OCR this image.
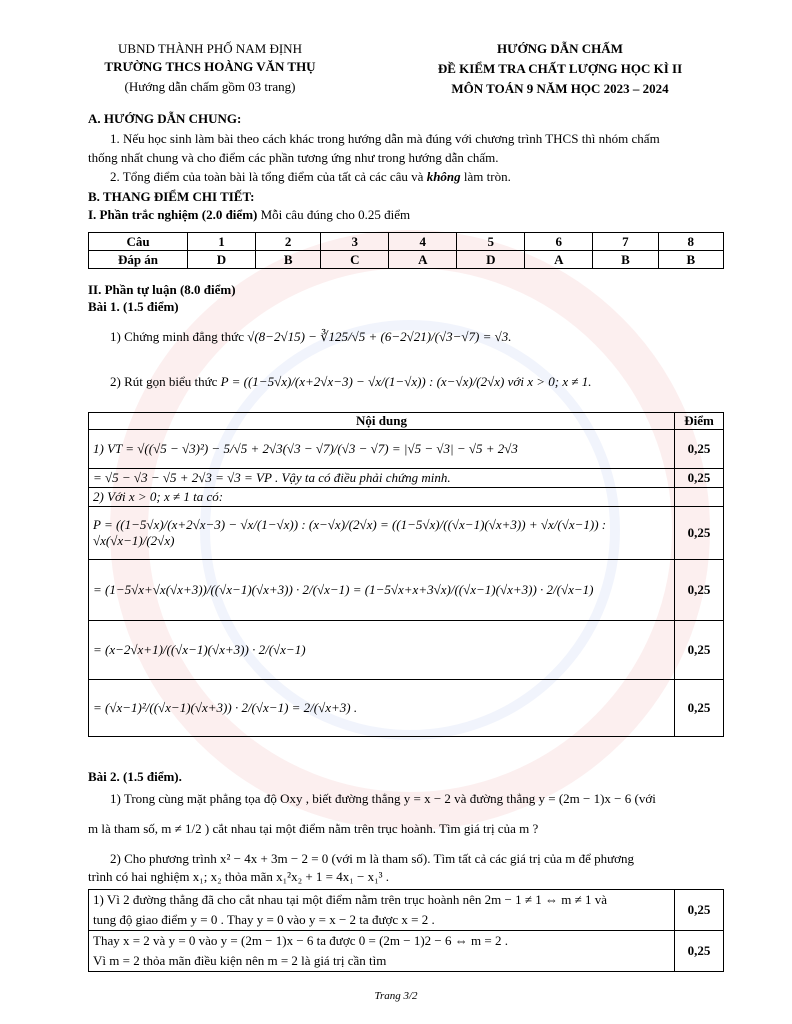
UBND THÀNH PHỐ NAM ĐỊNH
TRƯỜNG THCS HOÀNG VĂN THỤ
(Hướng dẫn chấm gồm 03 trang)
HƯỚNG DẪN CHẤM
ĐỀ KIỂM TRA CHẤT LƯỢNG HỌC KÌ II
MÔN TOÁN 9 NĂM HỌC 2023 – 2024
A. HƯỚNG DẪN CHUNG:
1. Nếu học sinh làm bài theo cách khác trong hướng dẫn mà đúng với chương trình THCS thì nhóm chấm
thống nhất chung và cho điểm các phần tương ứng như trong hướng dẫn chấm.
2. Tổng điểm của toàn bài là tổng điểm của tất cả các câu và không làm tròn.
B. THANG ĐIỂM CHI TIẾT:
I. Phần trắc nghiệm (2.0 điểm) Mỗi câu đúng cho 0.25 điểm
Câu	1	2	3	4	5	6	7	8
Đáp án	D	B	C	A	D	A	B	B
II. Phần tự luận (8.0 điểm)
Bài 1. (1.5 điểm)
1) Chứng minh đẳng thức √(8−2√15) − ∛125/√5 + (6−2√21)/(√3−√7) = √3.
2) Rút gọn biểu thức P = ((1−5√x)/(x+2√x−3) − √x/(1−√x)) : (x−√x)/(2√x) với x > 0; x ≠ 1.
Nội dung	Điểm
1) VT = √((√5 − √3)²) − 5/√5 + 2√3(√3 − √7)/(√3 − √7) = |√5 − √3| − √5 + 2√3	0,25
= √5 − √3 − √5 + 2√3 = √3 = VP . Vậy ta có điều phải chứng minh.	0,25
2) Với x > 0; x ≠ 1 ta có:	
P = ((1−5√x)/(x+2√x−3) − √x/(1−√x)) : (x−√x)/(2√x) = ((1−5√x)/((√x−1)(√x+3)) + √x/(√x−1)) : √x(√x−1)/(2√x)	0,25
= (1−5√x+√x(√x+3))/((√x−1)(√x+3)) · 2/(√x−1) = (1−5√x+x+3√x)/((√x−1)(√x+3)) · 2/(√x−1)	0,25
= (x−2√x+1)/((√x−1)(√x+3)) · 2/(√x−1)	0,25
= (√x−1)²/((√x−1)(√x+3)) · 2/(√x−1) = 2/(√x+3) .	0,25
Bài 2. (1.5 điểm).
1) Trong cùng mặt phẳng tọa độ Oxy , biết đường thẳng y = x − 2 và đường thẳng y = (2m − 1)x − 6 (với
m là tham số, m ≠ 1/2 ) cắt nhau tại một điểm nằm trên trục hoành. Tìm giá trị của m ?
2) Cho phương trình x² − 4x + 3m − 2 = 0 (với m là tham số). Tìm tất cả các giá trị của m để phương
trình có hai nghiệm x₁; x₂ thỏa mãn x₁²x₂ + 1 = 4x₁ − x₁³ .
1) Vì 2 đường thẳng đã cho cắt nhau tại một điểm nằm trên trục hoành nên 2m − 1 ≠ 1 ⇔ m ≠ 1 và
tung độ giao điểm y = 0 . Thay y = 0 vào y = x − 2 ta được x = 2 .	0,25

Thay x = 2 và y = 0 vào y = (2m − 1)x − 6 ta được 0 = (2m − 1)2 − 6 ⇔ m = 2 .
Vì m = 2 thỏa mãn điều kiện nên m = 2 là giá trị cần tìm	0,25
Trang 3/2
